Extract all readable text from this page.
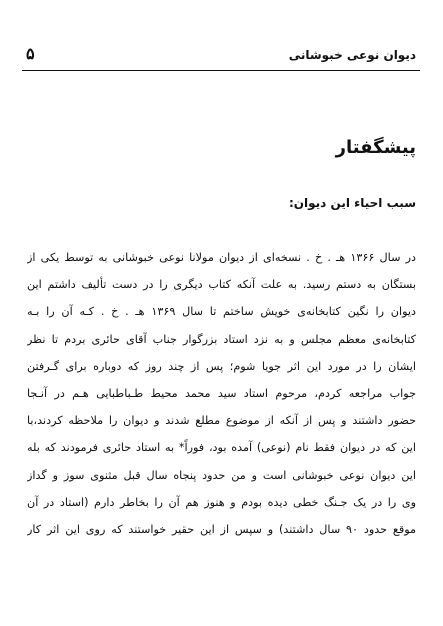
دیوان نوعی خبوشانی
۵
پیشگفتار
سبب احیاء این دیوان:
در سال ۱۳۶۶ هـ . خ . نسخه‌ای از دیوان مولانا نوعی خبوشانی به توسط یکی از
بستگان به دستم رسید. به علت آنکه کتاب دیگری را در دست تألیف داشتم این
دیوان را نگین کتابخانه‌ی خویش ساختم تا سال ۱۳۶۹ هـ . خ . کـه آن را بـه
کتابخانه‌ی معظم مجلس و به نزد استاد بزرگوار جناب آقای حائری بردم تا نظر
ایشان را در مورد این اثر جویا شوم؛ پس از چند روز که دوباره برای گـرفتن
جواب مراجعه کردم، مرحوم استاد سید محمد محیط طـباطبایی هـم در آنـجا
حضور داشتند و پس از آنکه از موضوع مطلع شدند و دیوان را ملاحظه کردند،با
این که در دیوان فقط نام (نوعی) آمده بود، فوراً* به استاد حائری فرمودند که بله
این دیوان نوعی خبوشانی است و من حدود پنجاه سال قبل مثنوی سوز و گداز
وی را در یک جـنگ خطی دیده بودم و هنوز هم آن را بخاطر دارم (استاد در آن
موقع حدود ۹۰ سال داشتند) و سپس از این حقیر خواستند که روی این اثر کار
